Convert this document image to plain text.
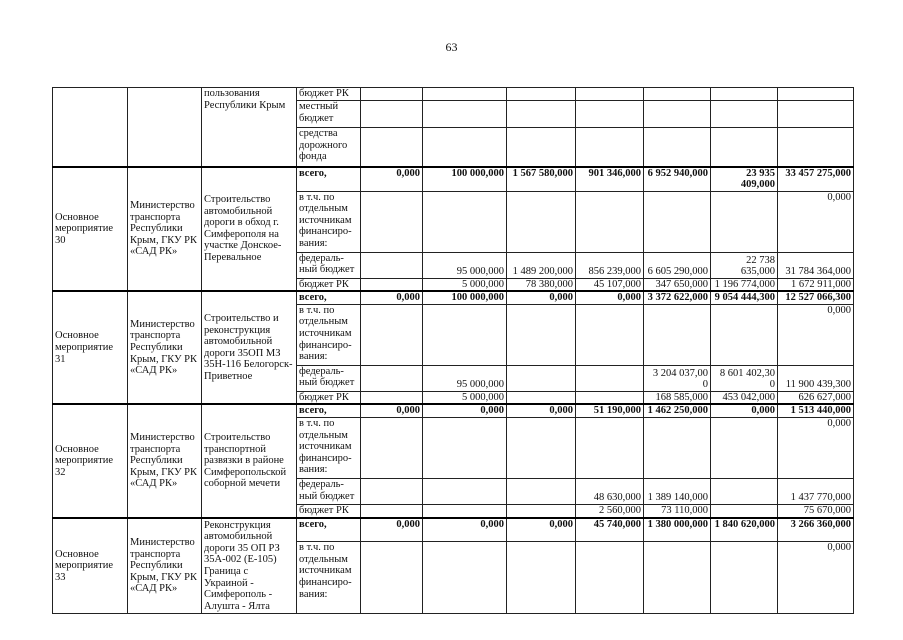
63
		пользования Республики Крым	бюджет РК							
			местный бюджет							
			средства дорожного фонда							
Основное мероприятие 30	Министерство транспорта Республики Крым, ГКУ РК «САД РК»	Строительство автомобильной дороги в обход г. Симферополя на участке Донское-Перевальное	всего,	0,000	100 000,000	1 567 580,000	901 346,000	6 952 940,000	23 935 409,000	33 457 275,000
			в т.ч. по отдельным источникам финансиро-вания:							0,000
			федераль-ный бюджет		95 000,000	1 489 200,000	856 239,000	6 605 290,000	22 738 635,000	31 784 364,000
			бюджет РК		5 000,000	78 380,000	45 107,000	347 650,000	1 196 774,000	1 672 911,000
Основное мероприятие 31	Министерство транспорта Республики Крым, ГКУ РК «САД РК»	Строительство и реконструкция автомобильной дороги 35ОП МЗ 35Н-116 Белогорск-Приветное	всего,	0,000	100 000,000	0,000	0,000	3 372 622,000	9 054 444,300	12 527 066,300
			в т.ч. по отдельным источникам финансиро-вания:							0,000
			федераль-ный бюджет		95 000,000			3 204 037,00 0	8 601 402,30 0	11 900 439,300
			бюджет РК		5 000,000			168 585,000	453 042,000	626 627,000
Основное мероприятие 32	Министерство транспорта Республики Крым, ГКУ РК «САД РК»	Строительство транспортной развязки в районе Симферопольской соборной мечети	всего,	0,000	0,000	0,000	51 190,000	1 462 250,000	0,000	1 513 440,000
			в т.ч. по отдельным источникам финансиро-вания:							0,000
			федераль-ный бюджет				48 630,000	1 389 140,000		1 437 770,000
			бюджет РК				2 560,000	73 110,000		75 670,000
Основное мероприятие 33	Министерство транспорта Республики Крым, ГКУ РК «САД РК»	Реконструкция автомобильной дороги 35 ОП РЗ 35А-002 (Е-105) Граница с Украиной - Симферополь - Алушта - Ялта	всего,	0,000	0,000	0,000	45 740,000	1 380 000,000	1 840 620,000	3 266 360,000
			в т.ч. по отдельным источникам финансиро-вания:							0,000
